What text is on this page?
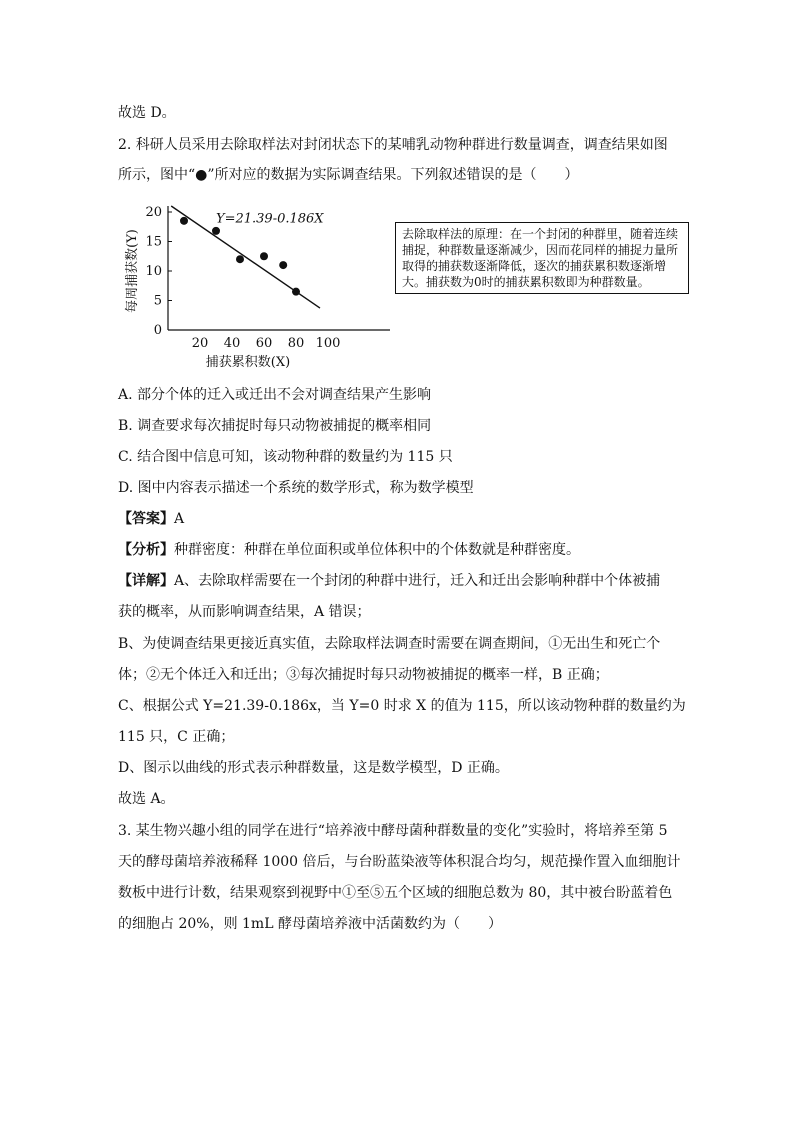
故选 D。
2. 科研人员采用去除取样法对封闭状态下的某哺乳动物种群进行数量调查，调查结果如图
所示，图中“●”所对应的数据为实际调查结果。下列叙述错误的是（　　）
0
5
10
15
20
20 40 60 80 100
Y=21.39-0.186X
捕获累积数(X)
每周捕获数(Y)	去除取样法的原理：在一个封闭的种群里，随着连续捕捉，种群数量逐渐减少，因而花同样的捕捉力量所取得的捕获数逐渐降低，逐次的捕获累积数逐渐增大。捕获数为0时的捕获累积数即为种群数量。
A. 部分个体的迁入或迁出不会对调查结果产生影响
B. 调查要求每次捕捉时每只动物被捕捉的概率相同
C. 结合图中信息可知，该动物种群的数量约为 115 只
D. 图中内容表示描述一个系统的数学形式，称为数学模型
【答案】A
【分析】种群密度：种群在单位面积或单位体积中的个体数就是种群密度。
【详解】A、去除取样需要在一个封闭的种群中进行，迁入和迁出会影响种群中个体被捕
获的概率，从而影响调查结果，A 错误；
B、为使调查结果更接近真实值，去除取样法调查时需要在调查期间，①无出生和死亡个
体；②无个体迁入和迁出；③每次捕捉时每只动物被捕捉的概率一样，B 正确；
C、根据公式 Y=21.39-0.186x，当 Y=0 时求 X 的值为 115，所以该动物种群的数量约为
115 只，C 正确；
D、图示以曲线的形式表示种群数量，这是数学模型，D 正确。
故选 A。
3. 某生物兴趣小组的同学在进行“培养液中酵母菌种群数量的变化”实验时，将培养至第 5
天的酵母菌培养液稀释 1000 倍后，与台盼蓝染液等体积混合均匀，规范操作置入血细胞计
数板中进行计数，结果观察到视野中①至⑤五个区域的细胞总数为 80，其中被台盼蓝着色
的细胞占 20%，则 1mL 酵母菌培养液中活菌数约为（　　）
